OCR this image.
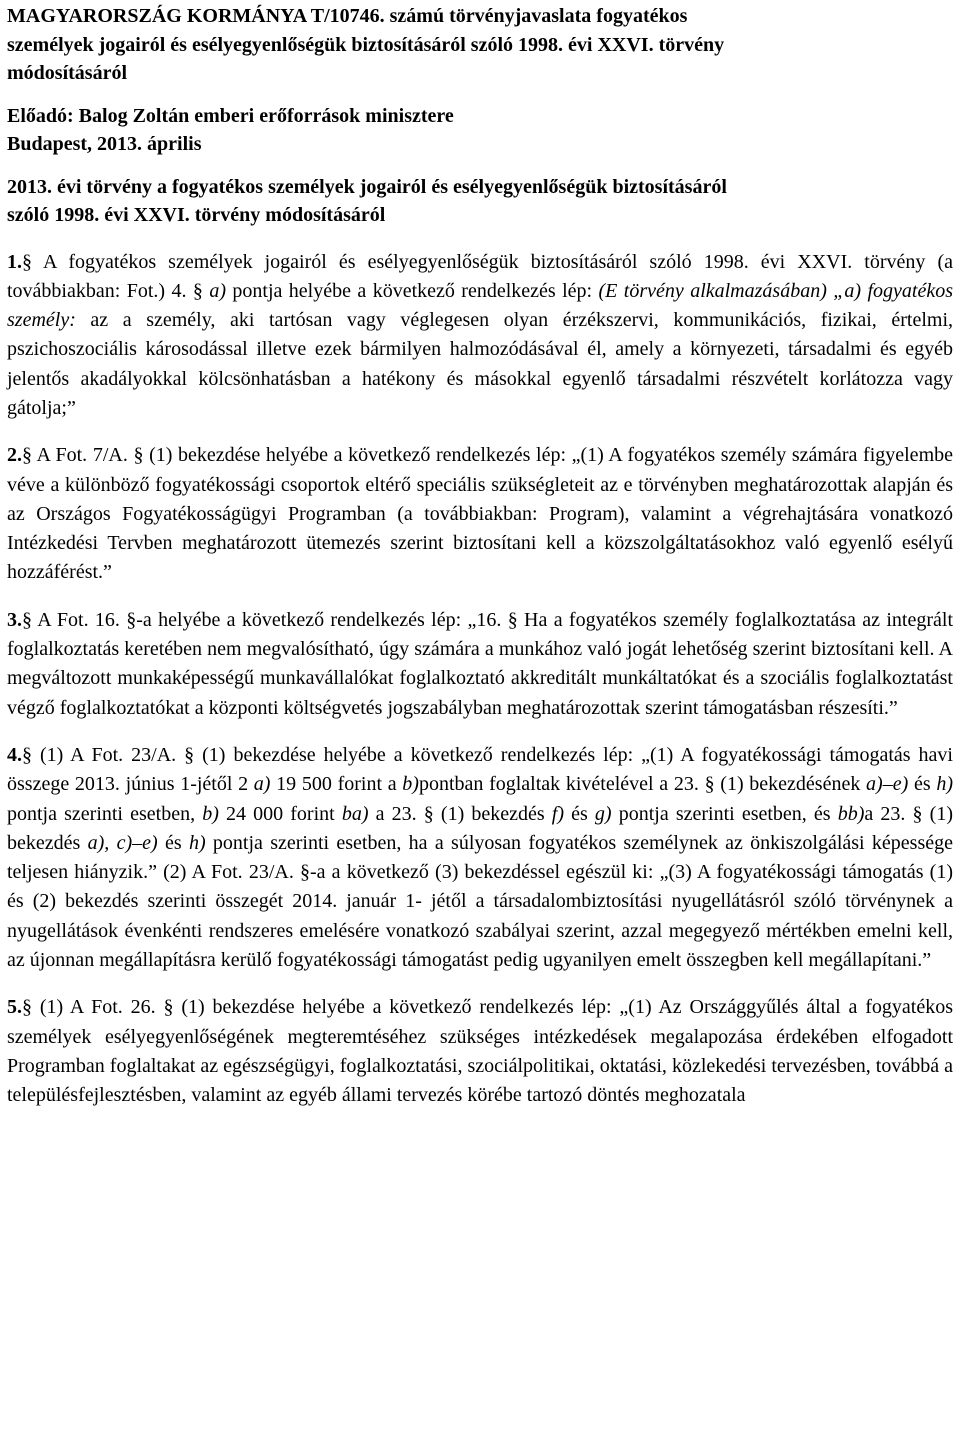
MAGYARORSZÁG KORMÁNYA T/10746. számú törvényjavaslata fogyatékos
személyek jogairól és esélyegyenlőségük biztosításáról szóló 1998. évi XXVI. törvény
módosításáról

Előadó: Balog Zoltán emberi erőforrások minisztere
Budapest, 2013. április

2013. évi törvény a fogyatékos személyek jogairól és esélyegyenlőségük biztosításáról
szóló 1998. évi XXVI. törvény módosításáról

1.§ A fogyatékos személyek jogairól és esélyegyenlőségük biztosításáról szóló 1998. évi XXVI. törvény (a továbbiakban: Fot.) 4. § a) pontja helyébe a következő rendelkezés lép: (E törvény alkalmazásában) „a) fogyatékos személy: az a személy, aki tartósan vagy véglegesen olyan érzékszervi, kommunikációs, fizikai, értelmi, pszichoszociális károsodással illetve ezek bármilyen halmozódásával él, amely a környezeti, társadalmi és egyéb jelentős akadályokkal kölcsönhatásban a hatékony és másokkal egyenlő társadalmi részvételt korlátozza vagy gátolja;”

2.§ A Fot. 7/A. § (1) bekezdése helyébe a következő rendelkezés lép: „(1) A fogyatékos személy számára figyelembe véve a különböző fogyatékossági csoportok eltérő speciális szükségleteit az e törvényben meghatározottak alapján és az Országos Fogyatékosságügyi Programban (a továbbiakban: Program), valamint a végrehajtására vonatkozó Intézkedési Tervben meghatározott ütemezés szerint biztosítani kell a közszolgáltatásokhoz való egyenlő esélyű hozzáférést.”

3.§ A Fot. 16. §-a helyébe a következő rendelkezés lép: „16. § Ha a fogyatékos személy foglalkoztatása az integrált foglalkoztatás keretében nem megvalósítható, úgy számára a munkához való jogát lehetőség szerint biztosítani kell. A megváltozott munkaképességű munkavállalókat foglalkoztató akkreditált munkáltatókat és a szociális foglalkoztatást végző foglalkoztatókat a központi költségvetés jogszabályban meghatározottak szerint támogatásban részesíti.”

4.§ (1) A Fot. 23/A. § (1) bekezdése helyébe a következő rendelkezés lép: „(1) A fogyatékossági támogatás havi összege 2013. június 1-jétől 2 a) 19 500 forint a b)pontban foglaltak kivételével a 23. § (1) bekezdésének a)–e) és h) pontja szerinti esetben, b) 24 000 forint ba) a 23. § (1) bekezdés f) és g) pontja szerinti esetben, és bb)a 23. § (1) bekezdés a), c)–e) és h) pontja szerinti esetben, ha a súlyosan fogyatékos személynek az önkiszolgálási képessége teljesen hiányzik.” (2) A Fot. 23/A. §-a a következő (3) bekezdéssel egészül ki: „(3) A fogyatékossági támogatás (1) és (2) bekezdés szerinti összegét 2014. január 1- jétől a társadalombiztosítási nyugellátásról szóló törvénynek a nyugellátások évenkénti rendszeres emelésére vonatkozó szabályai szerint, azzal megegyező mértékben emelni kell, az újonnan megállapításra kerülő fogyatékossági támogatást pedig ugyanilyen emelt összegben kell megállapítani.”

5.§ (1) A Fot. 26. § (1) bekezdése helyébe a következő rendelkezés lép: „(1) Az Országgyűlés által a fogyatékos személyek esélyegyenlőségének megteremtéséhez szükséges intézkedések megalapozása érdekében elfogadott Programban foglaltakat az egészségügyi, foglalkoztatási, szociálpolitikai, oktatási, közlekedési tervezésben, továbbá a településfejlesztésben, valamint az egyéb állami tervezés körébe tartozó döntés meghozatala
